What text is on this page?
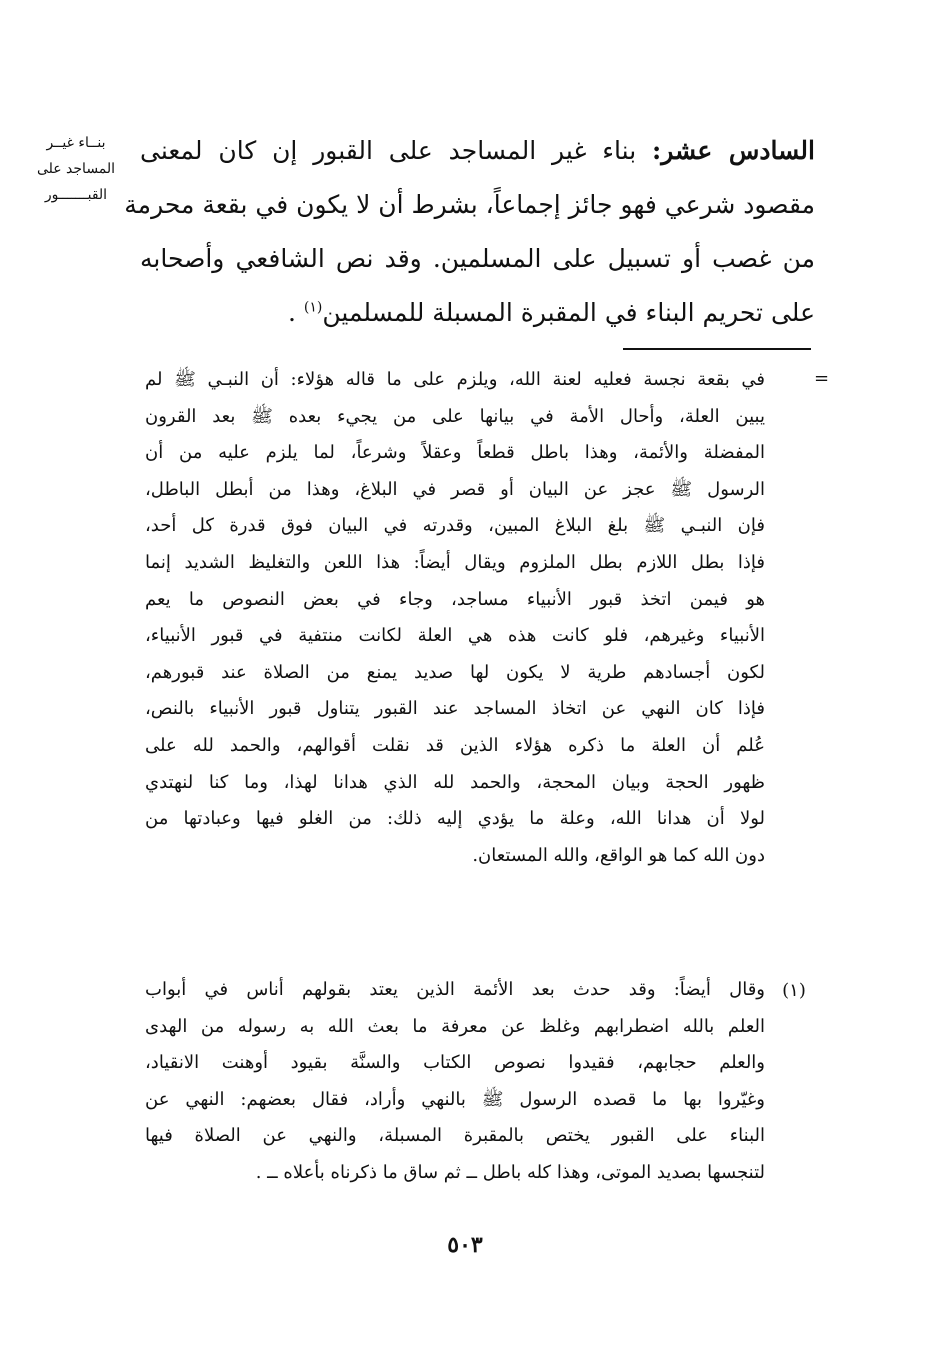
بنــاء غيــر
المساجد على
القبـــــــور
السادس عشر: بناء غير المساجد على القبور إن كان لمعنى
مقصود شرعي فهو جائز إجماعاً، بشرط أن لا يكون في بقعة محرمة
من غصب أو تسبيل على المسلمين. وقد نص الشافعي وأصحابه
على تحريم البناء في المقبرة المسبلة للمسلمين$^{(١)}$ .
=
في بقعة نجسة فعليه لعنة الله، ويلزم على ما قاله هؤلاء: أن النبـي ﷺ لم
يبين العلة، وأحال الأمة في بيانها على من يجيء بعده ﷺ بعد القرون
المفضلة والأئمة، وهذا باطل قطعاً وعقلاً وشرعاً، لما يلزم عليه من أن
الرسول ﷺ عجز عن البيان أو قصر في البلاغ، وهذا من أبطل الباطل،
فإن النبـي ﷺ بلغ البلاغ المبين، وقدرته في البيان فوق قدرة كل أحد،
فإذا بطل اللازم بطل الملزوم ويقال أيضاً: هذا اللعن والتغليظ الشديد إنما
هو فيمن اتخذ قبور الأنبياء مساجد، وجاء في بعض النصوص ما يعم
الأنبياء وغيرهم، فلو كانت هذه هي العلة لكانت منتفية في قبور الأنبياء،
لكون أجسادهم طرية لا يكون لها صديد يمنع من الصلاة عند قبورهم،
فإذا كان النهي عن اتخاذ المساجد عند القبور يتناول قبور الأنبياء بالنص،
عُلم أن العلة ما ذكره هؤلاء الذين قد نقلت أقوالهم، والحمد لله على
ظهور الحجة وبيان المحجة، والحمد لله الذي هدانا لهذا، وما كنا لنهتدي
لولا أن هدانا الله، وعلة ما يؤدي إليه ذلك: من الغلو فيها وعبادتها من
دون الله كما هو الواقع، والله المستعان.
(١)
وقال أيضاً: وقد حدث بعد الأئمة الذين يعتد بقولهم أناس في أبواب
العلم بالله اضطرابهم وغلظ عن معرفة ما بعث الله به رسوله من الهدى
والعلم حجابهم، فقيدوا نصوص الكتاب والسنَّة بقيود أوهنت الانقياد،
وغيّروا بها ما قصده الرسول ﷺ بالنهي وأراد، فقال بعضهم: النهي عن
البناء على القبور يختص بالمقبرة المسبلة، والنهي عن الصلاة فيها
لتنجسها بصديد الموتى، وهذا كله باطل ــ ثم ساق ما ذكرناه بأعلاه ــ .
٥٠٣
